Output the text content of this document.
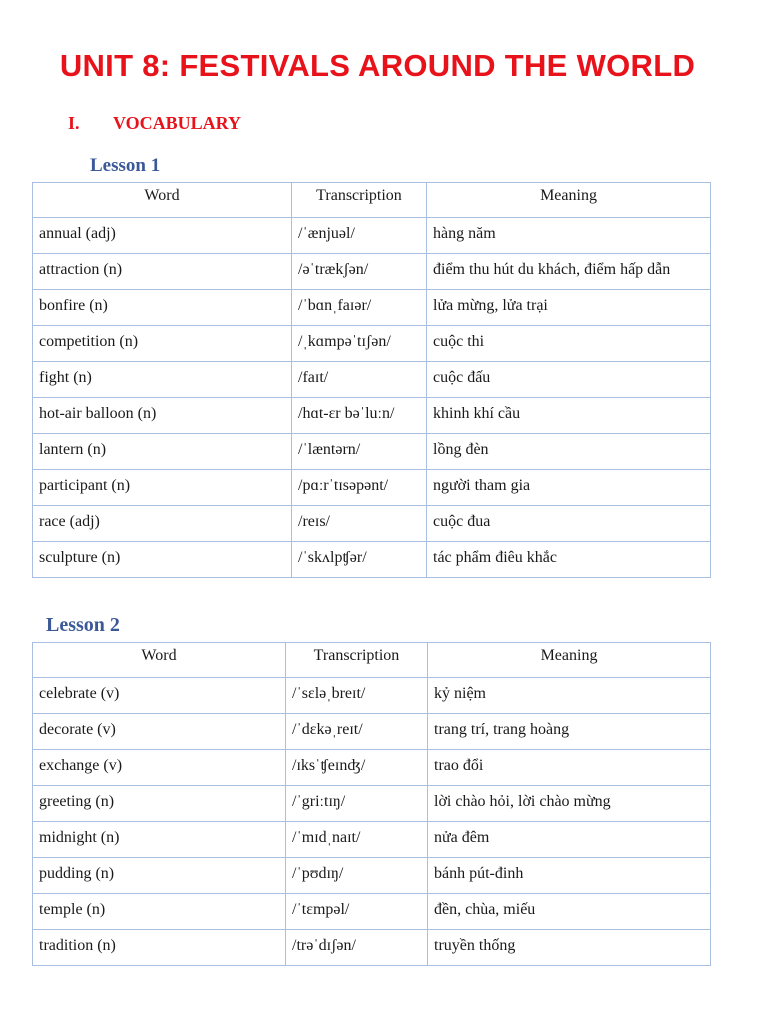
UNIT 8: FESTIVALS AROUND THE WORLD
I. VOCABULARY
Lesson 1
Word	Transcription	Meaning
annual (adj)	/ˈænjuəl/	hàng năm
attraction (n)	/əˈtrækʃən/	điểm thu hút du khách, điểm hấp dẫn
bonfire (n)	/ˈbɑnˌfaɪər/	lửa mừng, lửa trại
competition (n)	/ˌkɑmpəˈtɪʃən/	cuộc thi
fight (n)	/faɪt/	cuộc đấu
hot-air balloon (n)	/hɑt-ɛr bəˈluːn/	khinh khí cầu
lantern (n)	/ˈlæntərn/	lồng đèn
participant (n)	/pɑːrˈtɪsəpənt/	người tham gia
race (adj)	/reɪs/	cuộc đua
sculpture (n)	/ˈskʌlpʧər/	tác phẩm điêu khắc
Lesson 2
Word	Transcription	Meaning
celebrate (v)	/ˈsɛləˌbreɪt/	kỷ niệm
decorate (v)	/ˈdɛkəˌreɪt/	trang trí, trang hoàng
exchange (v)	/ɪksˈʧeɪnʤ/	trao đổi
greeting (n)	/ˈgriːtɪŋ/	lời chào hỏi, lời chào mừng
midnight (n)	/ˈmɪdˌnaɪt/	nửa đêm
pudding (n)	/ˈpʊdɪŋ/	bánh pút-đinh
temple (n)	/ˈtɛmpəl/	đền, chùa, miếu
tradition (n)	/trəˈdɪʃən/	truyền thống
